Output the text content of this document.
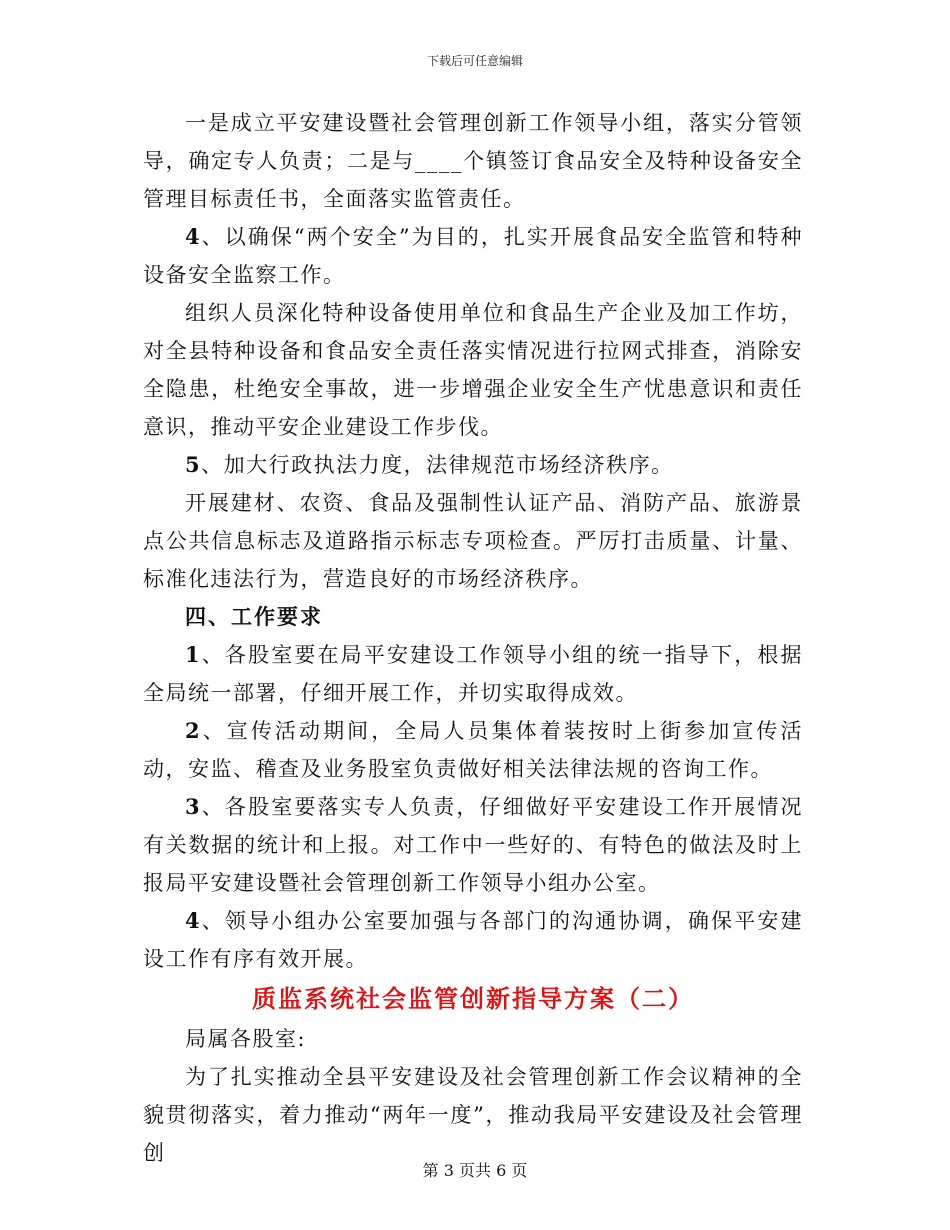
下载后可任意编辑

一是成立平安建设暨社会管理创新工作领导小组，落实分管领导，确定专人负责；二是与____个镇签订食品安全及特种设备安全管理目标责任书，全面落实监管责任。

4、以确保“两个安全”为目的，扎实开展食品安全监管和特种设备安全监察工作。

组织人员深化特种设备使用单位和食品生产企业及加工作坊，对全县特种设备和食品安全责任落实情况进行拉网式排查，消除安全隐患，杜绝安全事故，进一步增强企业安全生产忧患意识和责任意识，推动平安企业建设工作步伐。

5、加大行政执法力度，法律规范市场经济秩序。

开展建材、农资、食品及强制性认证产品、消防产品、旅游景点公共信息标志及道路指示标志专项检查。严厉打击质量、计量、标准化违法行为，营造良好的市场经济秩序。

四、工作要求

1、各股室要在局平安建设工作领导小组的统一指导下，根据全局统一部署，仔细开展工作，并切实取得成效。

2、宣传活动期间，全局人员集体着装按时上街参加宣传活动，安监、稽查及业务股室负责做好相关法律法规的咨询工作。

3、各股室要落实专人负责，仔细做好平安建设工作开展情况有关数据的统计和上报。对工作中一些好的、有特色的做法及时上报局平安建设暨社会管理创新工作领导小组办公室。

4、领导小组办公室要加强与各部门的沟通协调，确保平安建设工作有序有效开展。

质监系统社会监管创新指导方案（二）

局属各股室:

为了扎实推动全县平安建设及社会管理创新工作会议精神的全貌贯彻落实，着力推动“两年一度”，推动我局平安建设及社会管理创

第 3 页共 6 页
